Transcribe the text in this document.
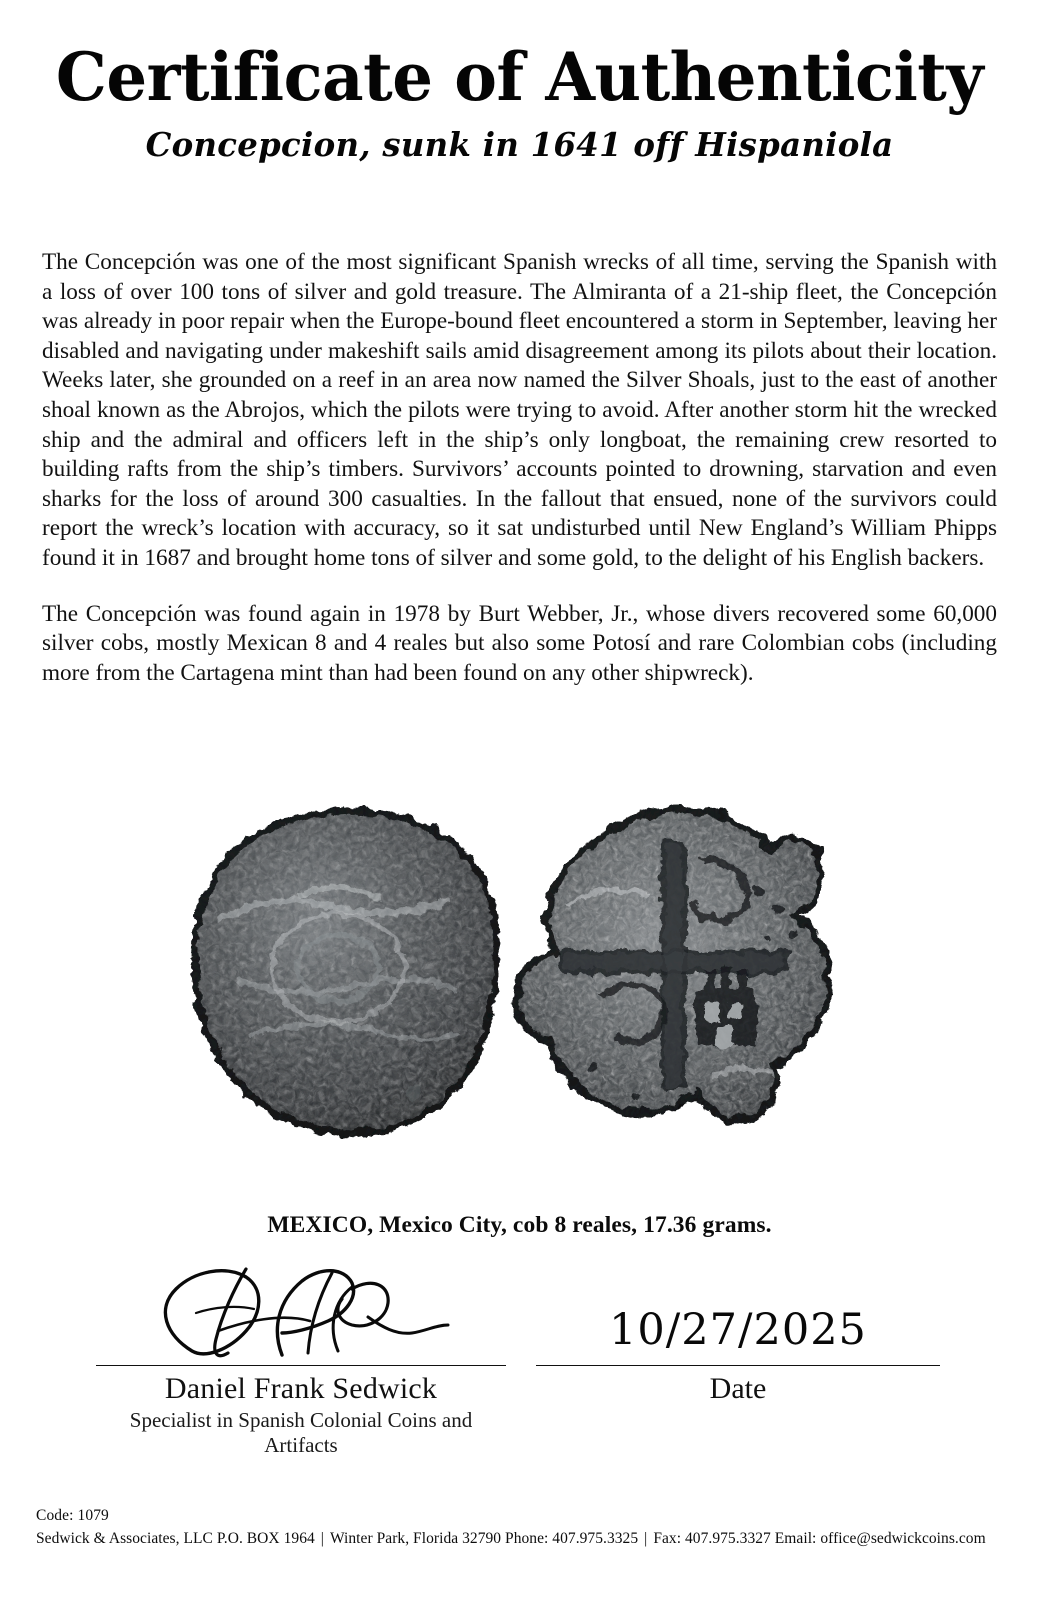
Certificate of Authenticity
Concepcion, sunk in 1641 off Hispaniola

The Concepción was one of the most significant Spanish wrecks of all time, serving the Spanish with a loss of over 100 tons of silver and gold treasure. The Almiranta of a 21-ship fleet, the Concepción was already in poor repair when the Europe-bound fleet encountered a storm in September, leaving her disabled and navigating under makeshift sails amid disagreement among its pilots about their location. Weeks later, she grounded on a reef in an area now named the Silver Shoals, just to the east of another shoal known as the Abrojos, which the pilots were trying to avoid. After another storm hit the wrecked ship and the admiral and officers left in the ship’s only longboat, the remaining crew resorted to building rafts from the ship’s timbers. Survivors’ accounts pointed to drowning, starvation and even sharks for the loss of around 300 casualties. In the fallout that ensued, none of the survivors could report the wreck’s location with accuracy, so it sat undisturbed until New England’s William Phipps found it in 1687 and brought home tons of silver and some gold, to the delight of his English backers.

The Concepción was found again in 1978 by Burt Webber, Jr., whose divers recovered some 60,000 silver cobs, mostly Mexican 8 and 4 reales but also some Potosí and rare Colombian cobs (including more from the Cartagena mint than had been found on any other shipwreck).

MEXICO, Mexico City, cob 8 reales, 17.36 grams.
Daniel Frank Sedwick
Specialist in Spanish Colonial Coins and Artifacts
10/27/2025
Date
Code: 1079
Sedwick & Associates, LLC P.O. BOX 1964 | Winter Park, Florida 32790 Phone: 407.975.3325 | Fax: 407.975.3327 Email: office@sedwickcoins.com
